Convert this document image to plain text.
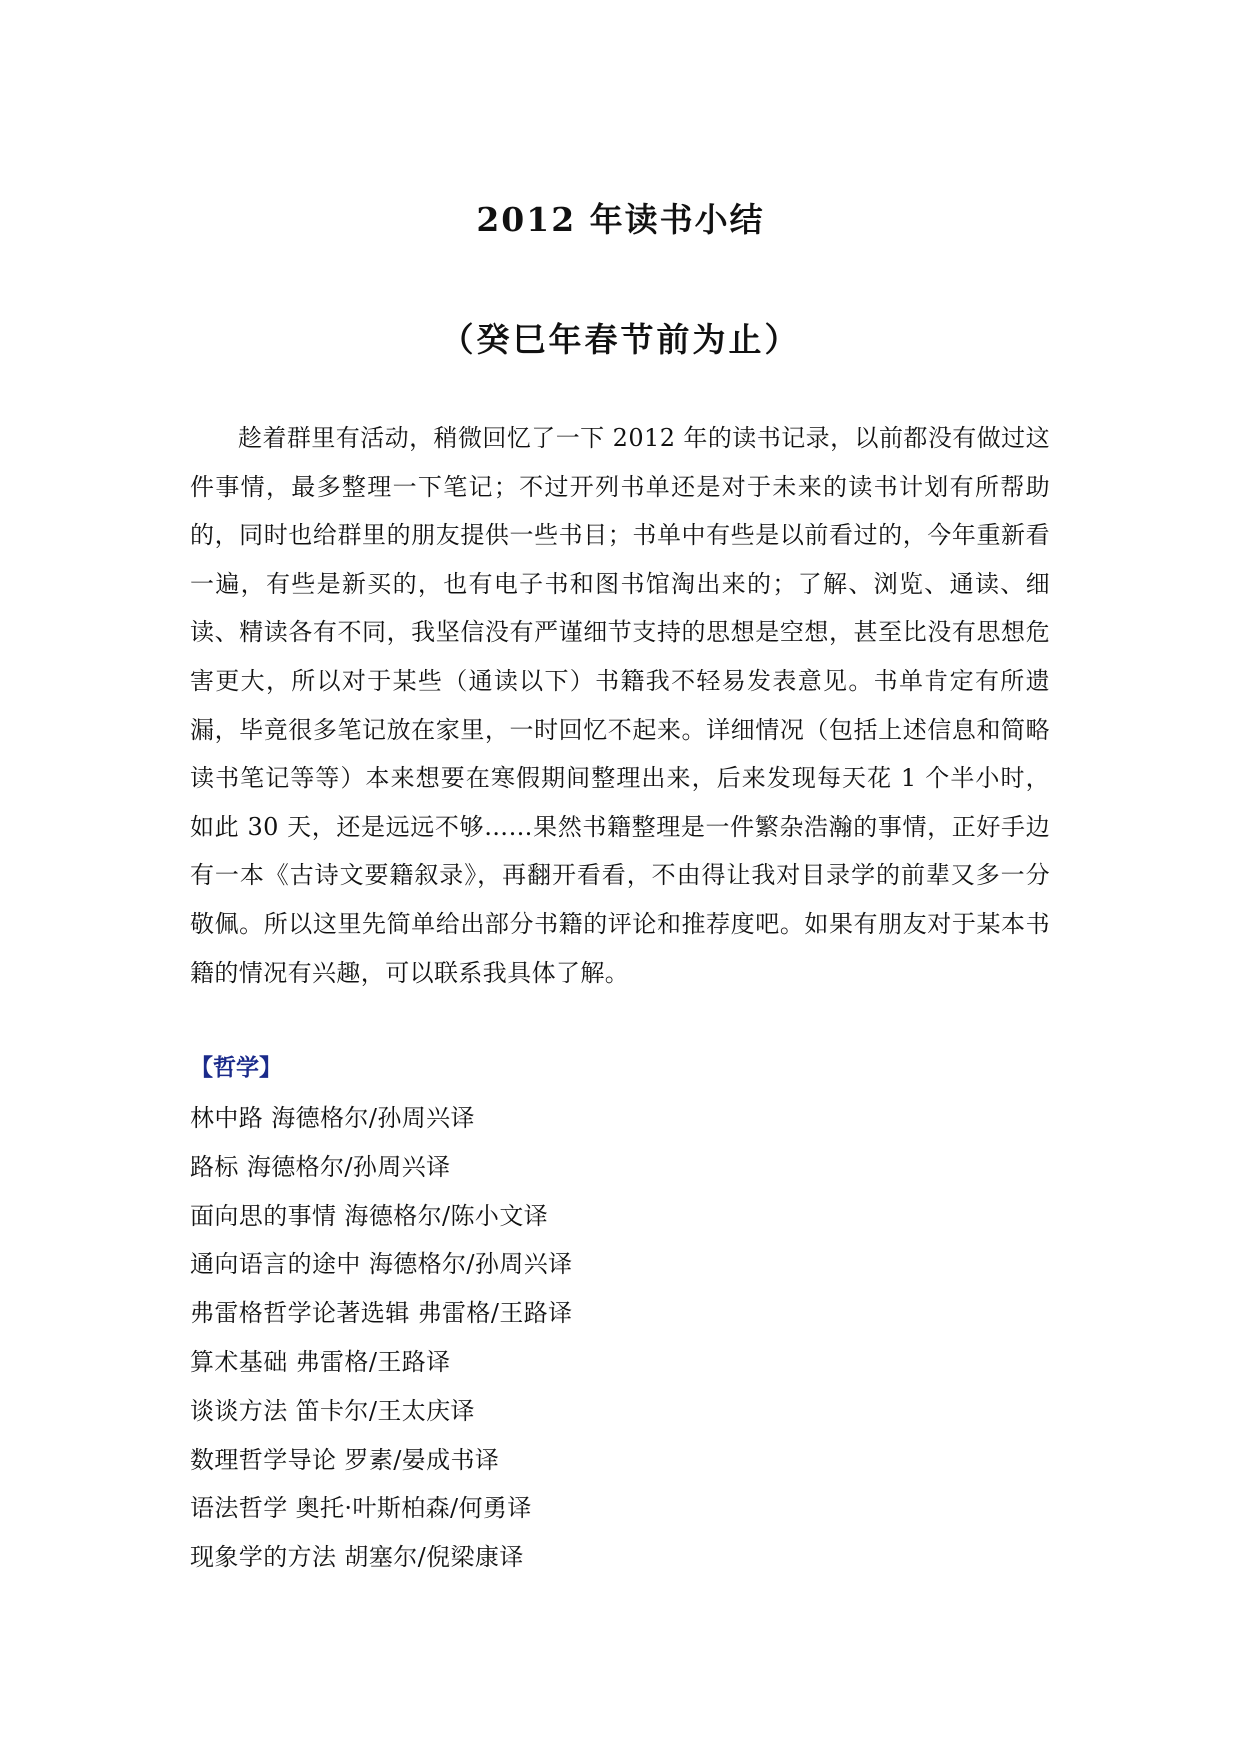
2012 年读书小结
（癸巳年春节前为止）

趁着群里有活动，稍微回忆了一下 2012 年的读书记录，以前都没有做过这件事情，最多整理一下笔记；不过开列书单还是对于未来的读书计划有所帮助的，同时也给群里的朋友提供一些书目；书单中有些是以前看过的，今年重新看一遍，有些是新买的，也有电子书和图书馆淘出来的；了解、浏览、通读、细读、精读各有不同，我坚信没有严谨细节支持的思想是空想，甚至比没有思想危害更大，所以对于某些（通读以下）书籍我不轻易发表意见。书单肯定有所遗漏，毕竟很多笔记放在家里，一时回忆不起来。详细情况（包括上述信息和简略读书笔记等等）本来想要在寒假期间整理出来，后来发现每天花 1 个半小时，如此 30 天，还是远远不够……果然书籍整理是一件繁杂浩瀚的事情，正好手边有一本《古诗文要籍叙录》，再翻开看看，不由得让我对目录学的前辈又多一分敬佩。所以这里先简单给出部分书籍的评论和推荐度吧。如果有朋友对于某本书籍的情况有兴趣，可以联系我具体了解。

【哲学】
林中路 海德格尔/孙周兴译
路标 海德格尔/孙周兴译
面向思的事情 海德格尔/陈小文译
通向语言的途中 海德格尔/孙周兴译
弗雷格哲学论著选辑 弗雷格/王路译
算术基础 弗雷格/王路译
谈谈方法 笛卡尔/王太庆译
数理哲学导论 罗素/晏成书译
语法哲学 奥托·叶斯柏森/何勇译
现象学的方法 胡塞尔/倪梁康译
